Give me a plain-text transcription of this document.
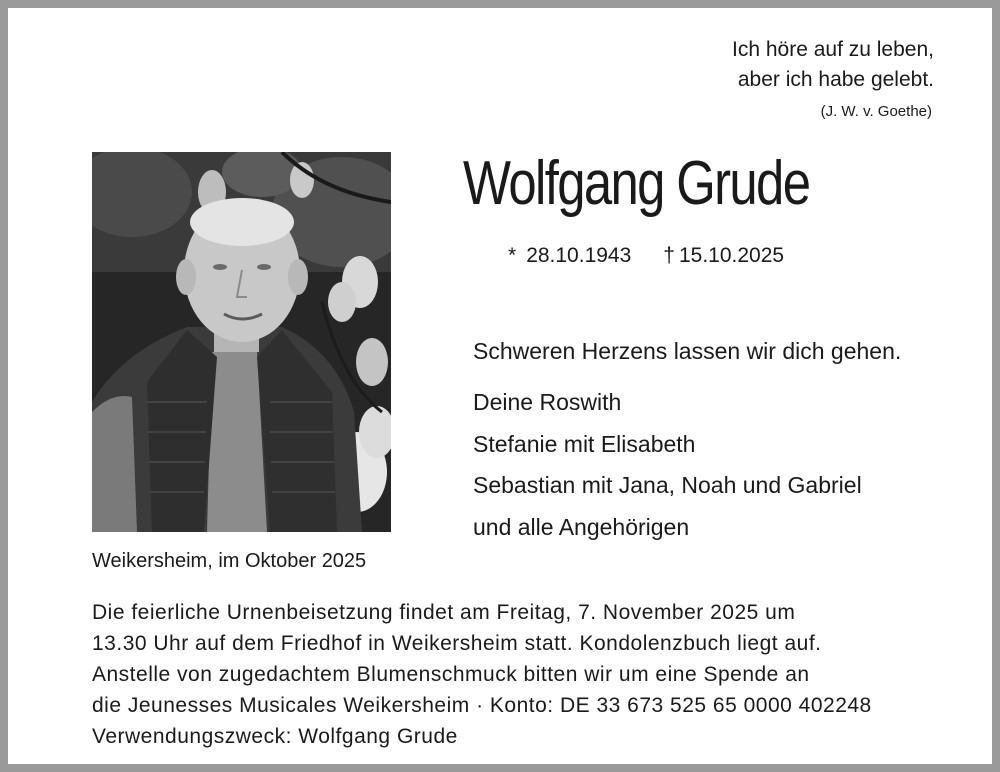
Ich höre auf zu leben,
aber ich habe gelebt.
(J. W. v. Goethe)
Wolfgang Grude
* 28.10.1943 † 15.10.2025
Schweren Herzens lassen wir dich gehen.
Deine Roswith
Stefanie mit Elisabeth
Sebastian mit Jana, Noah und Gabriel
und alle Angehörigen
Weikersheim, im Oktober 2025
Die feierliche Urnenbeisetzung findet am Freitag, 7. November 2025 um
13.30 Uhr auf dem Friedhof in Weikersheim statt. Kondolenzbuch liegt auf.
Anstelle von zugedachtem Blumenschmuck bitten wir um eine Spende an
die Jeunesses Musicales Weikersheim · Konto: DE 33 673 525 65 0000 402248
Verwendungszweck: Wolfgang Grude
